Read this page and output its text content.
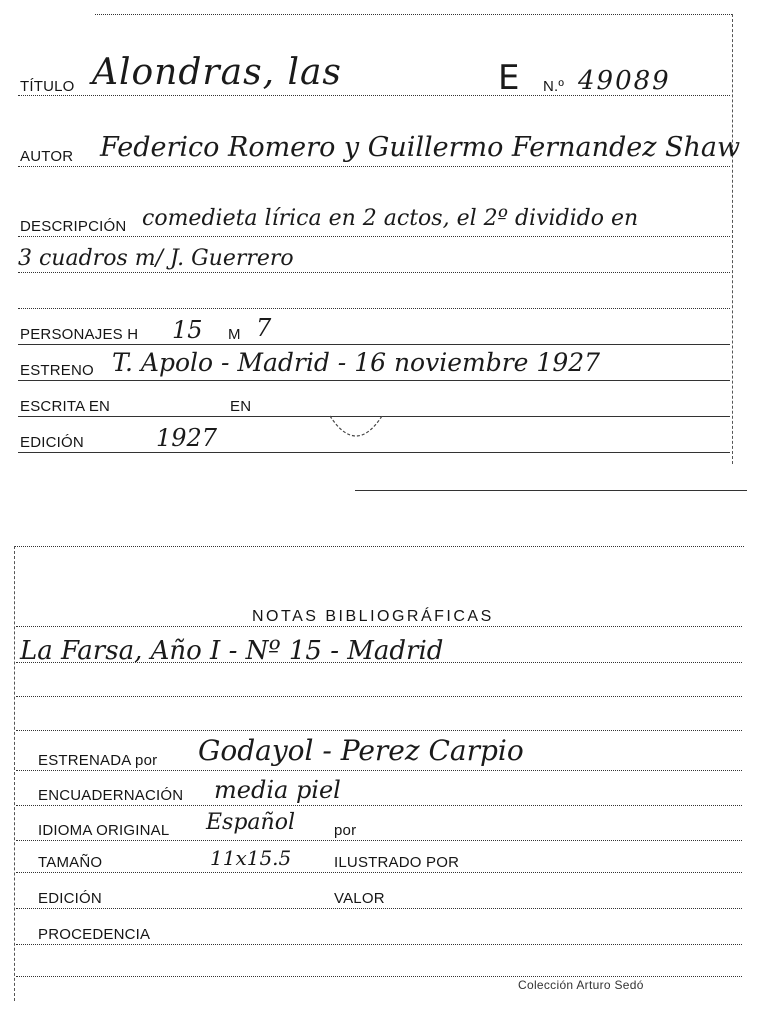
TÍTULO Alondras, las	E N.º 49089
AUTOR Federico Romero y Guillermo Fernandez Shaw
DESCRIPCIÓN comedieta lírica en 2 actos, el 2º dividido en
3 cuadros m/ J. Guerrero
PERSONAJES H 15 M 7
ESTRENO T. Apolo - Madrid - 16 noviembre 1927
ESCRITA EN	EN
EDICIÓN	1927
NOTAS BIBLIOGRÁFICAS
La Farsa, Año I - Nº 15 - Madrid
ESTRENADA por Godayol - Perez Carpio
ENCUADERNACIÓN media piel
IDIOMA ORIGINAL Español	por
TAMAÑO	11x15.5	ILUSTRADO POR
EDICIÓN	VALOR
PROCEDENCIA
Colección Arturo Sedó
